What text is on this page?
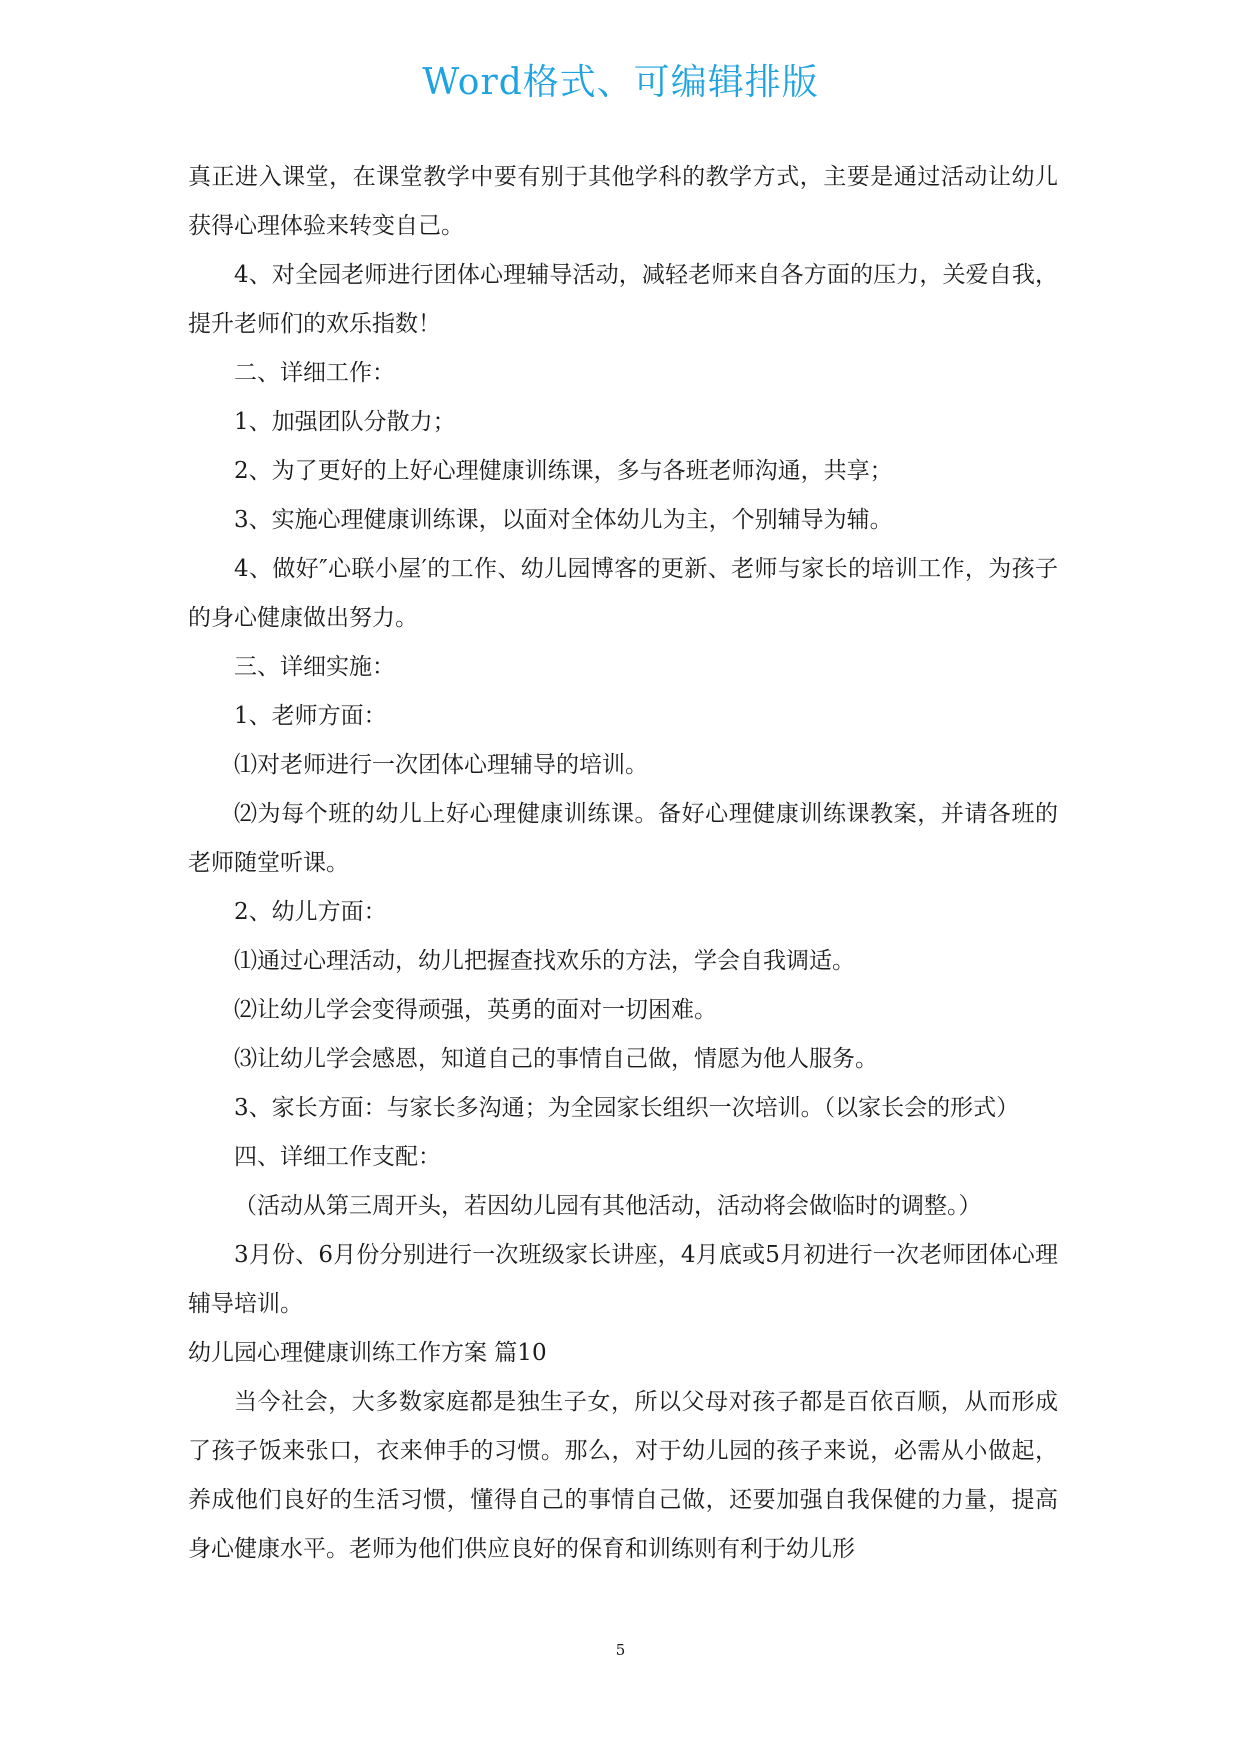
Word格式、可编辑排版

真正进入课堂，在课堂教学中要有别于其他学科的教学方式，主要是通过活动让幼儿获得心理体验来转变自己。

4、对全园老师进行团体心理辅导活动，减轻老师来自各方面的压力，关爱自我，提升老师们的欢乐指数！

二、详细工作：

1、加强团队分散力；

2、为了更好的上好心理健康训练课，多与各班老师沟通，共享；

3、实施心理健康训练课，以面对全体幼儿为主，个别辅导为辅。

4、做好″心联小屋′的工作、幼儿园博客的更新、老师与家长的培训工作，为孩子的身心健康做出努力。

三、详细实施：

1、老师方面：

⑴对老师进行一次团体心理辅导的培训。

⑵为每个班的幼儿上好心理健康训练课。备好心理健康训练课教案，并请各班的老师随堂听课。

2、幼儿方面：

⑴通过心理活动，幼儿把握查找欢乐的方法，学会自我调适。

⑵让幼儿学会变得顽强，英勇的面对一切困难。

⑶让幼儿学会感恩，知道自己的事情自己做，情愿为他人服务。

3、家长方面：与家长多沟通；为全园家长组织一次培训。（以家长会的形式）

四、详细工作支配：

（活动从第三周开头，若因幼儿园有其他活动，活动将会做临时的调整。）

3月份、6月份分别进行一次班级家长讲座，4月底或5月初进行一次老师团体心理辅导培训。

幼儿园心理健康训练工作方案 篇10

当今社会，大多数家庭都是独生子女，所以父母对孩子都是百依百顺，从而形成了孩子饭来张口，衣来伸手的习惯。那么，对于幼儿园的孩子来说，必需从小做起，养成他们良好的生活习惯，懂得自己的事情自己做，还要加强自我保健的力量，提高身心健康水平。老师为他们供应良好的保育和训练则有利于幼儿形

5
